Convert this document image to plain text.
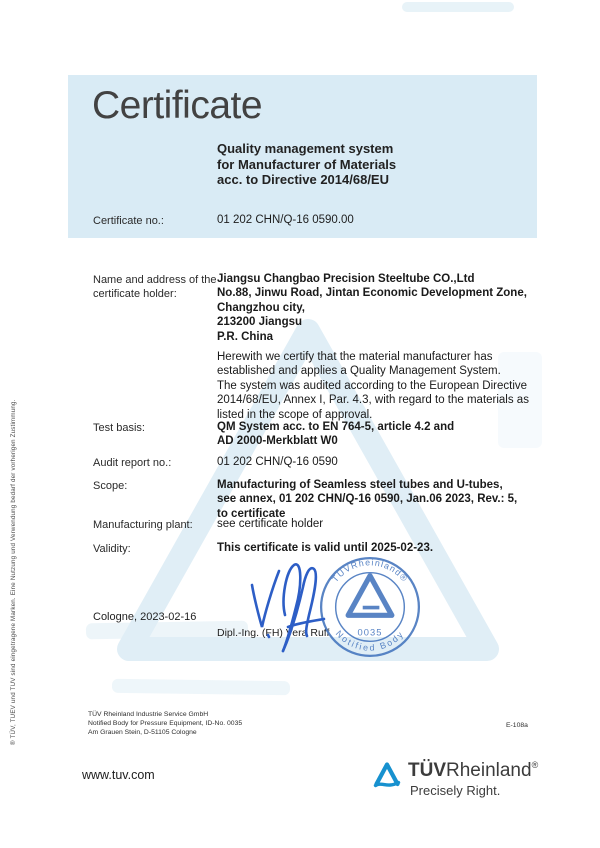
® TÜV, TUEV und TUV sind eingetragene Marken. Eine Nutzung und Verwendung bedarf der vorherigen Zustimmung.
Certificate
Quality management system
for Manufacturer of Materials
acc. to Directive 2014/68/EU
Certificate no.:	01 202 CHN/Q-16 0590.00
Name and address of the
certificate holder:
Jiangsu Changbao Precision Steeltube CO.,Ltd
No.88, Jinwu Road, Jintan Economic Development Zone,
Changzhou city,
213200 Jiangsu
P.R. China
Herewith we certify that the material manufacturer has
established and applies a Quality Management System.
The system was audited according to the European Directive
2014/68/EU, Annex I, Par. 4.3, with regard to the materials as
listed in the scope of approval.
Test basis:	QM System acc. to EN 764-5, article 4.2 and
AD 2000-Merkblatt W0
Audit report no.:	01 202 CHN/Q-16 0590
Scope:	Manufacturing of Seamless steel tubes and U-tubes,
see annex, 01 202 CHN/Q-16 0590, Jan.06 2023, Rev.: 5,
to certificate
Manufacturing plant: see certificate holder
Validity:	This certificate is valid until 2025-02-23.
Cologne, 2023-02-16
Dipl.-Ing. (FH) Vera Ruff
TÜVRheinland®
0035
Notified Body
TÜV Rheinland Industrie Service GmbH
Notified Body for Pressure Equipment, ID-No. 0035
Am Grauen Stein, D-51105 Cologne
E-108a
www.tuv.com	TÜVRheinland®
Precisely Right.
